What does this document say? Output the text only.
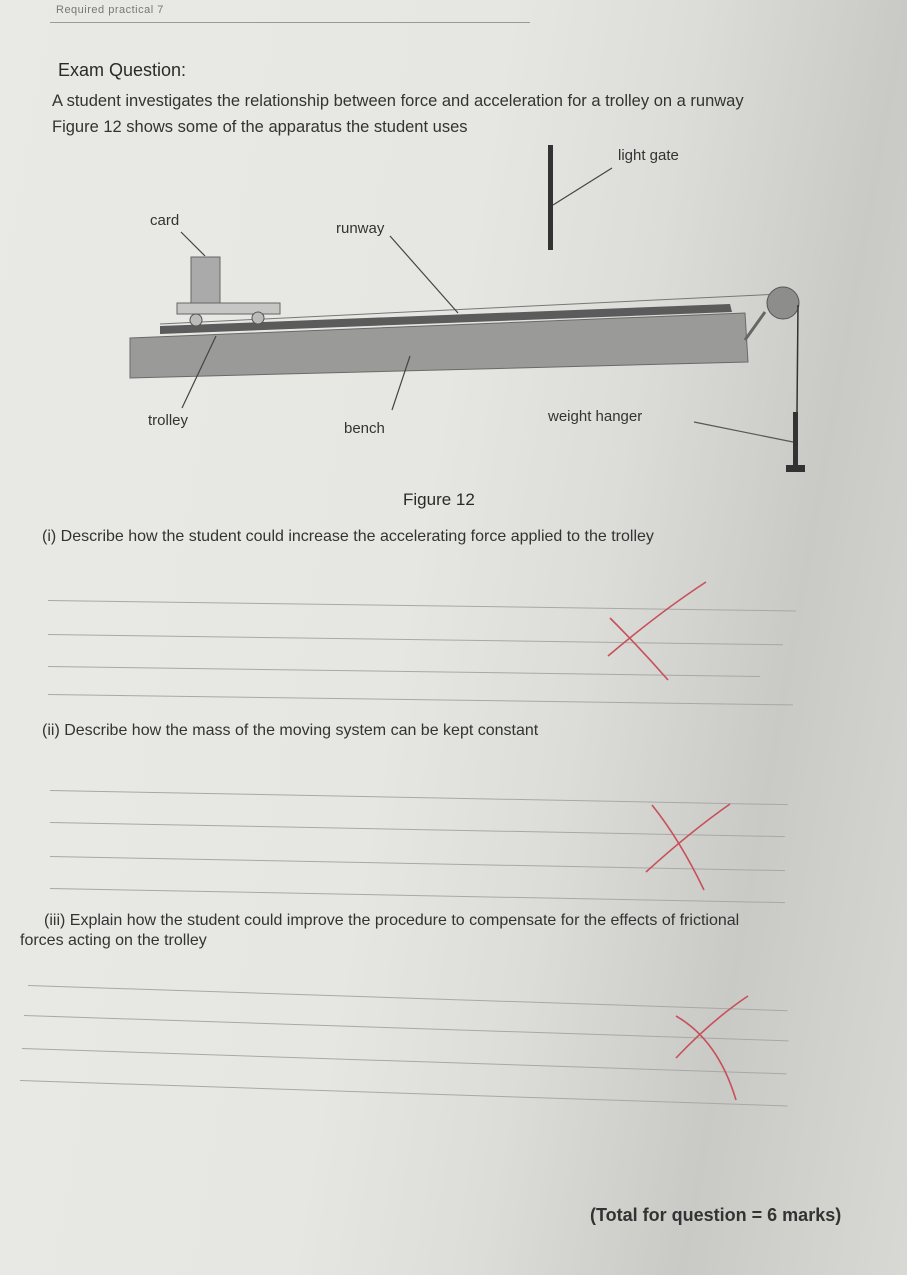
Required practical 7
Exam Question:
A student investigates the relationship between force and acceleration for a trolley on a runway
Figure 12 shows some of the apparatus the student uses
light gate
card	runway
trolley	bench
weight hanger
Figure 12
(i) Describe how the student could increase the accelerating force applied to the trolley
(ii) Describe how the mass of the moving system can be kept constant
(iii) Explain how the student could improve the procedure to compensate for the effects of frictional
forces acting on the trolley
(Total for question = 6 marks)
